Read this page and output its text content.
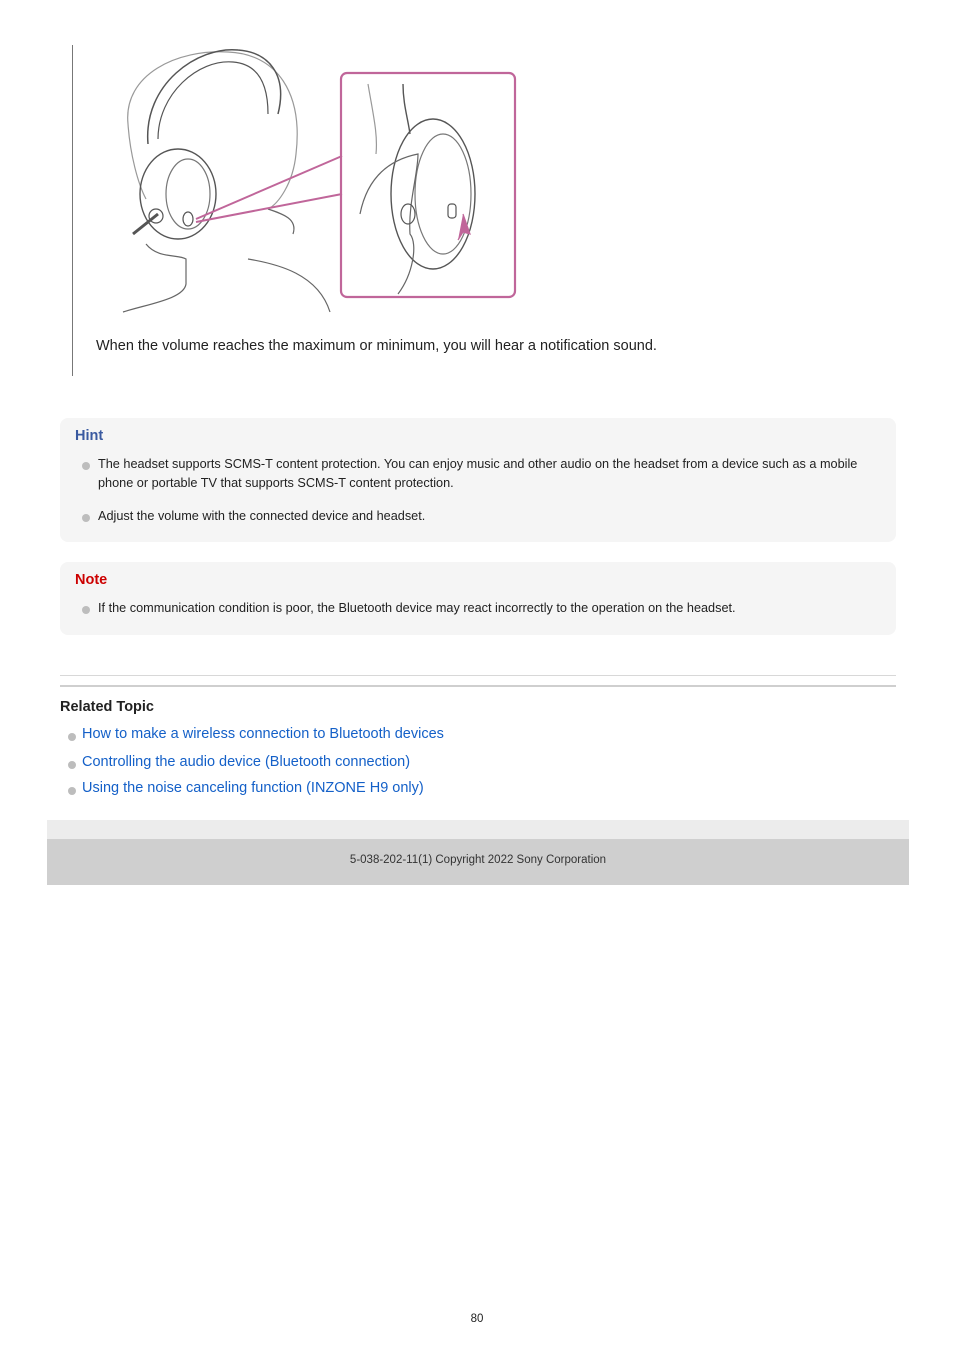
When the volume reaches the maximum or minimum, you will hear a notification sound.
Hint
The headset supports SCMS-T content protection. You can enjoy music and other audio on the headset from a device such as a mobile phone or portable TV that supports SCMS-T content protection.
Adjust the volume with the connected device and headset.
Note
If the communication condition is poor, the Bluetooth device may react incorrectly to the operation on the headset.
Related Topic
How to make a wireless connection to Bluetooth devices
Controlling the audio device (Bluetooth connection)
Using the noise canceling function (INZONE H9 only)
5-038-202-11(1) Copyright 2022 Sony Corporation
80
